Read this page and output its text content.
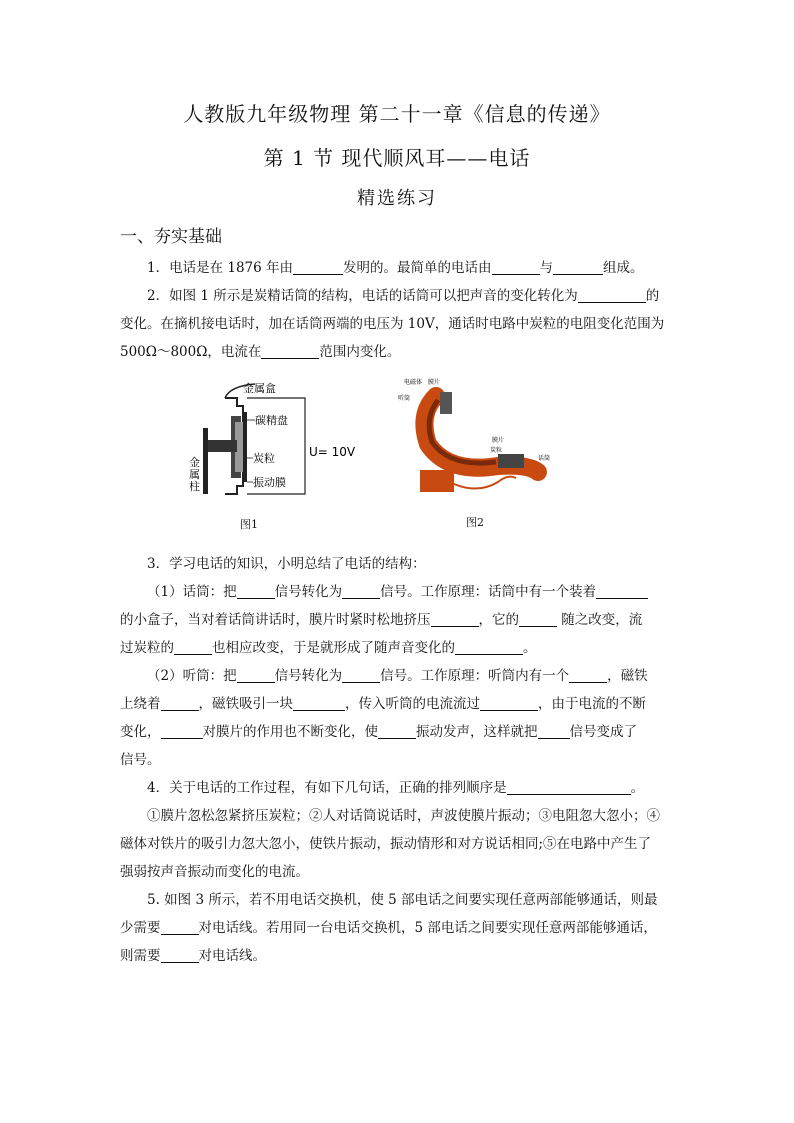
人教版九年级物理 第二十一章《信息的传递》
第 1 节 现代顺风耳——电话
精选练习
一、夯实基础
1．电话是在 1876 年由	发明的。最简单的电话由	与	组成。
2．如图 1 所示是炭精话筒的结构，电话的话筒可以把声音的变化转化为	的
变化。在摘机接电话时，加在话筒两端的电压为 10V，通话时电路中炭粒的电阻变化范围为
500Ω～800Ω，电流在	范围内变化。
金属盒
碳精盘
炭粒
振动膜
金
属
柱
U= 10V
图1
电磁体 膜片
听筒
膜片
炭粒
话筒
图2
3．学习电话的知识，小明总结了电话的结构：
（1）话筒：把	信号转化为	信号。工作原理：话筒中有一个装着
的小盒子，当对着话筒讲话时，膜片时紧时松地挤压	，它的	随之改变，流
过炭粒的	也相应改变，于是就形成了随声音变化的	。
（2）听筒：把	信号转化为	信号。工作原理：听筒内有一个	，磁铁
上绕着	，磁铁吸引一块	，传入听筒的电流流过	，由于电流的不断
变化，	对膜片的作用也不断变化，使	振动发声，这样就把 信号变成了
信号。
4．关于电话的工作过程，有如下几句话，正确的排列顺序是	。
①膜片忽松忽紧挤压炭粒；②人对话筒说话时，声波使膜片振动；③电阻忽大忽小；④
磁体对铁片的吸引力忽大忽小，使铁片振动，振动情形和对方说话相同;⑤在电路中产生了
强弱按声音振动而变化的电流。
5. 如图 3 所示，若不用电话交换机，使 5 部电话之间要实现任意两部能够通话，则最
少需要	对电话线。若用同一台电话交换机，5 部电话之间要实现任意两部能够通话，
则需要	对电话线。
